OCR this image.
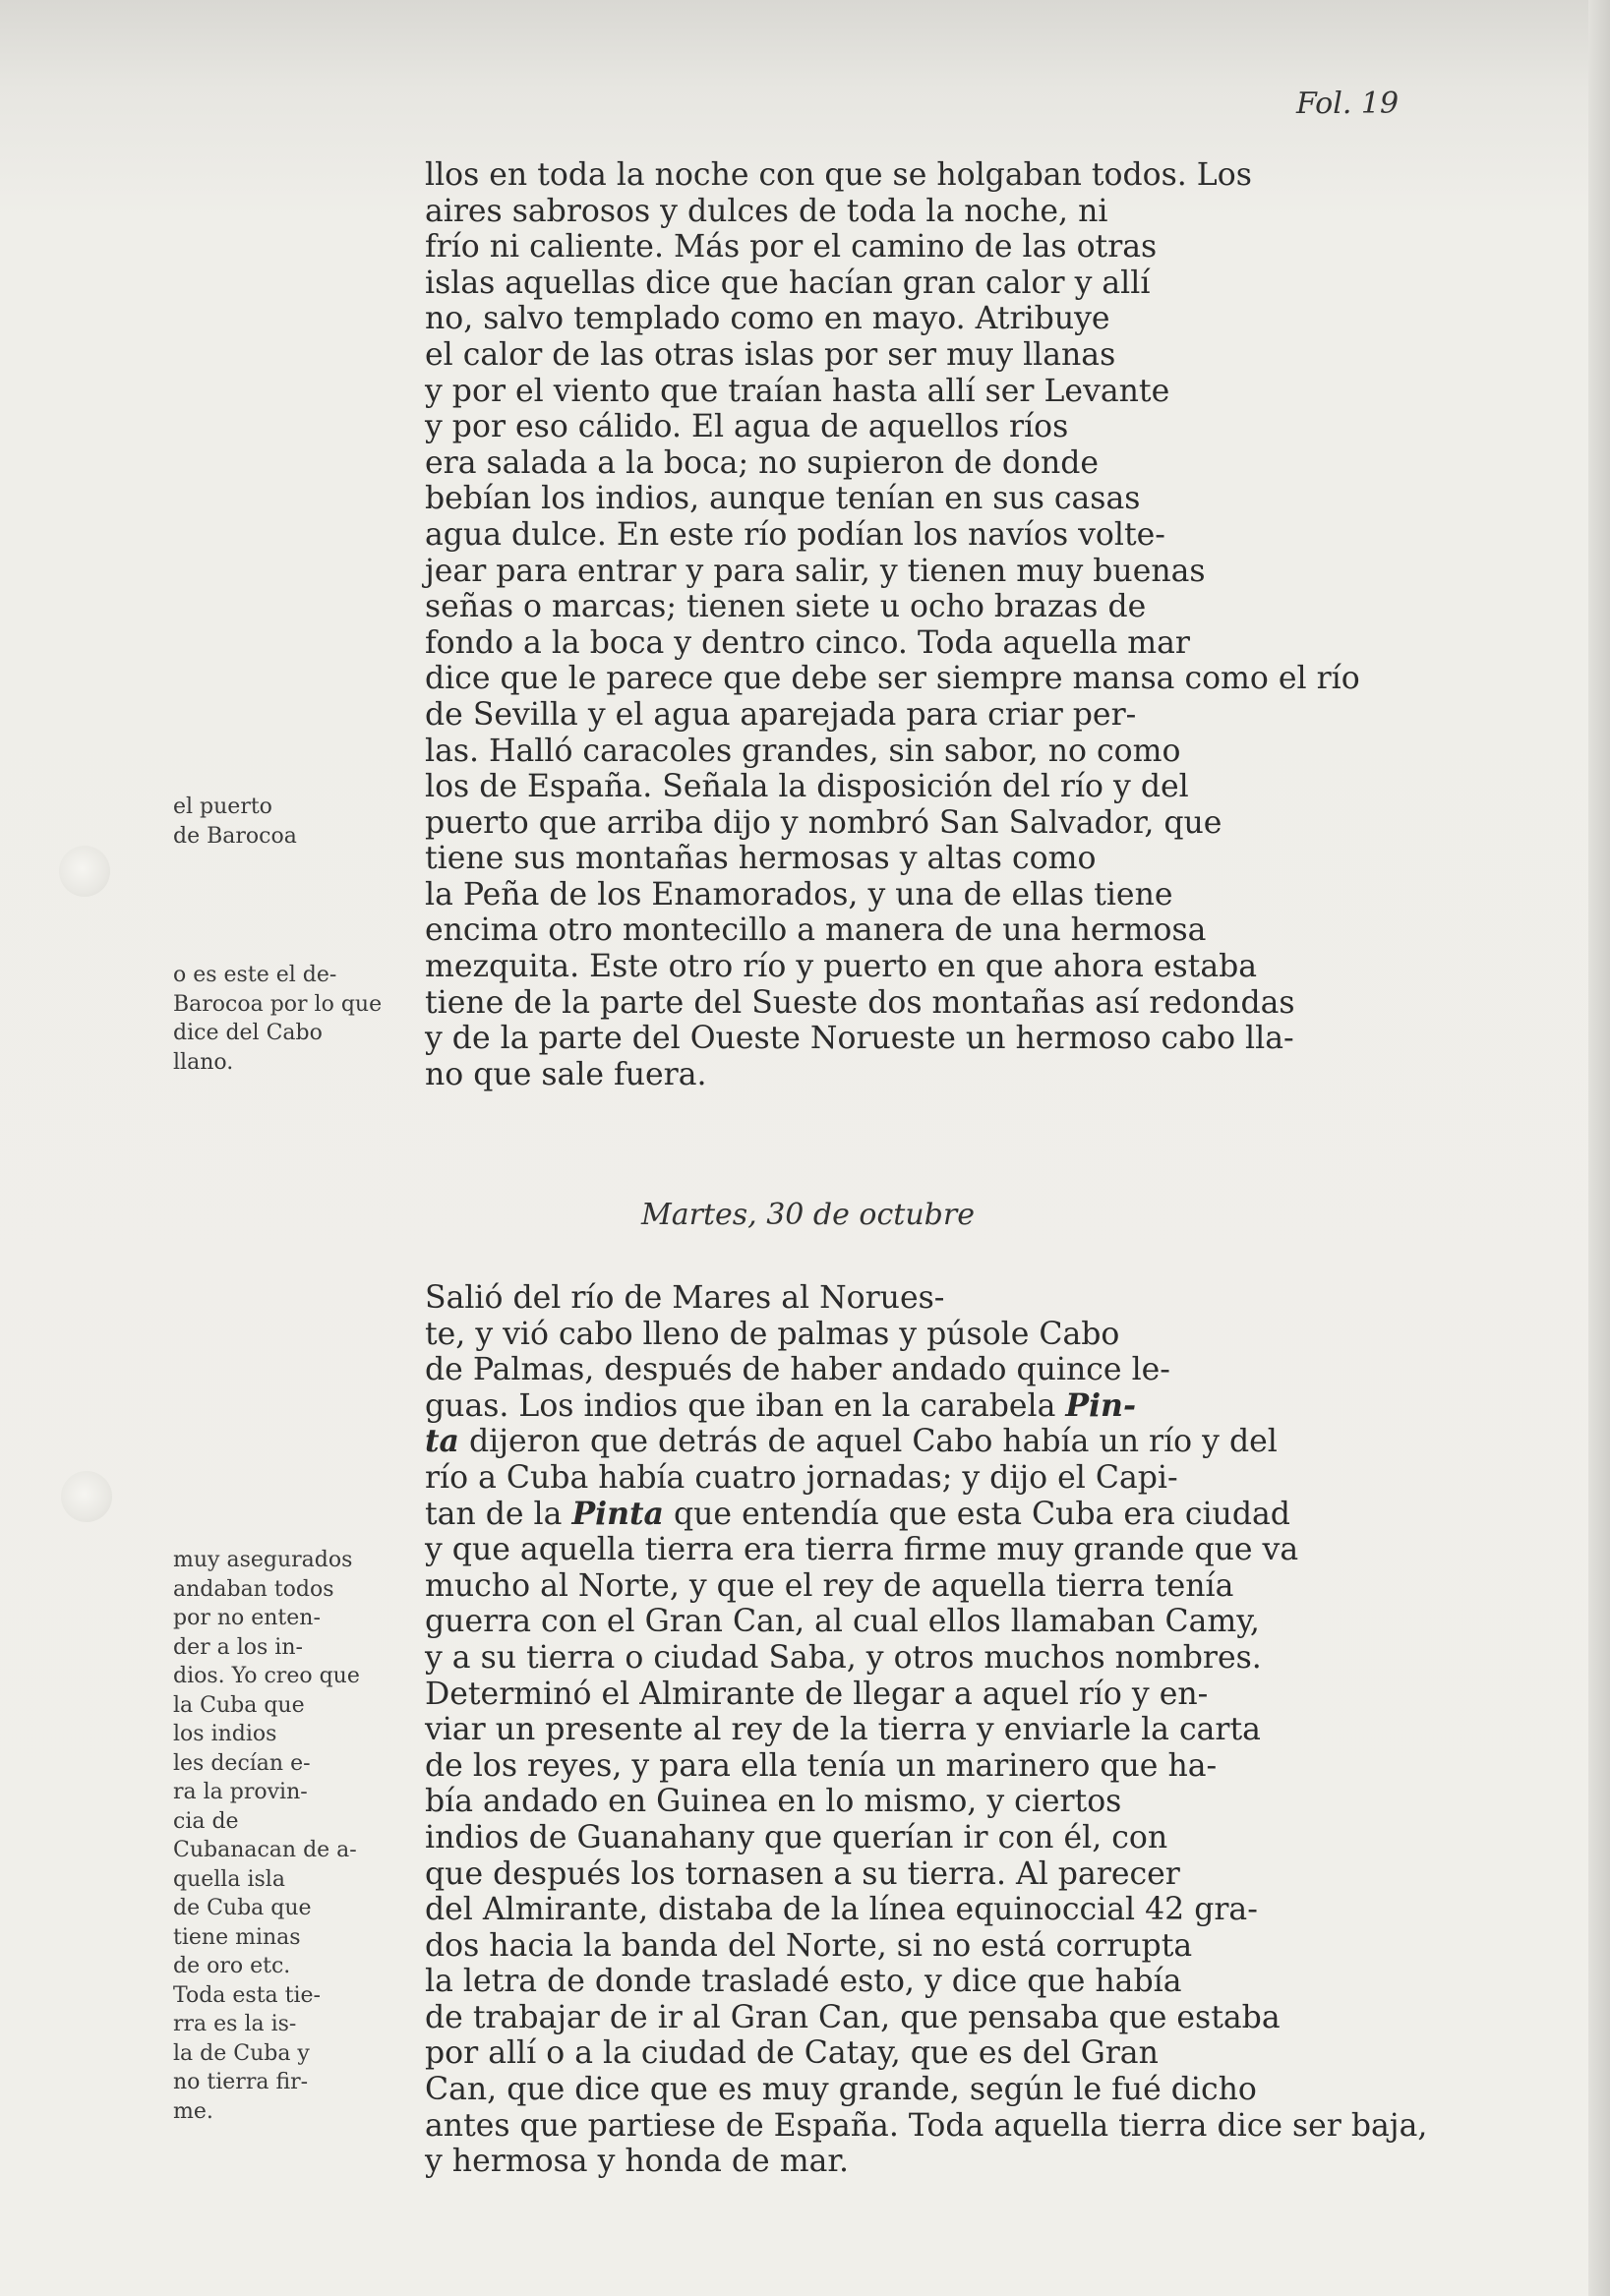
Fol. 19
llos en toda la noche con que se holgaban todos. Los
aires sabrosos y dulces de toda la noche, ni
frío ni caliente. Más por el camino de las otras
islas aquellas dice que hacían gran calor y allí
no, salvo templado como en mayo. Atribuye
el calor de las otras islas por ser muy llanas
y por el viento que traían hasta allí ser Levante
y por eso cálido. El agua de aquellos ríos
era salada a la boca; no supieron de donde
bebían los indios, aunque tenían en sus casas
agua dulce. En este río podían los navíos volte-
jear para entrar y para salir, y tienen muy buenas
señas o marcas; tienen siete u ocho brazas de
fondo a la boca y dentro cinco. Toda aquella mar
dice que le parece que debe ser siempre mansa como el río
de Sevilla y el agua aparejada para criar per-
las. Halló caracoles grandes, sin sabor, no como
los de España. Señala la disposición del río y del
puerto que arriba dijo y nombró San Salvador, que
tiene sus montañas hermosas y altas como
la Peña de los Enamorados, y una de ellas tiene
encima otro montecillo a manera de una hermosa
mezquita. Este otro río y puerto en que ahora estaba
tiene de la parte del Sueste dos montañas así redondas
y de la parte del Oueste Norueste un hermoso cabo lla-
no que sale fuera.
Martes, 30 de octubre
Salió del río de Mares al Norues-
te, y vió cabo lleno de palmas y púsole Cabo
de Palmas, después de haber andado quince le-
guas. Los indios que iban en la carabela Pin-
ta dijeron que detrás de aquel Cabo había un río y del
río a Cuba había cuatro jornadas; y dijo el Capi-
tan de la Pinta que entendía que esta Cuba era ciudad
y que aquella tierra era tierra firme muy grande que va
mucho al Norte, y que el rey de aquella tierra tenía
guerra con el Gran Can, al cual ellos llamaban Camy,
y a su tierra o ciudad Saba, y otros muchos nombres.
Determinó el Almirante de llegar a aquel río y en-
viar un presente al rey de la tierra y enviarle la carta
de los reyes, y para ella tenía un marinero que ha-
bía andado en Guinea en lo mismo, y ciertos
indios de Guanahany que querían ir con él, con
que después los tornasen a su tierra. Al parecer
del Almirante, distaba de la línea equinoccial 42 gra-
dos hacia la banda del Norte, si no está corrupta
la letra de donde trasladé esto, y dice que había
de trabajar de ir al Gran Can, que pensaba que estaba
por allí o a la ciudad de Catay, que es del Gran
Can, que dice que es muy grande, según le fué dicho
antes que partiese de España. Toda aquella tierra dice ser baja,
y hermosa y honda de mar.
el puerto
de Barocoa
o es este el de-
Barocoa por lo que
dice del Cabo
llano.
muy asegurados
andaban todos
por no enten-
der a los in-
dios. Yo creo que
la Cuba que
los indios
les decían e-
ra la provin-
cia de
Cubanacan de a-
quella isla
de Cuba que
tiene minas
de oro etc.
Toda esta tie-
rra es la is-
la de Cuba y
no tierra fir-
me.
